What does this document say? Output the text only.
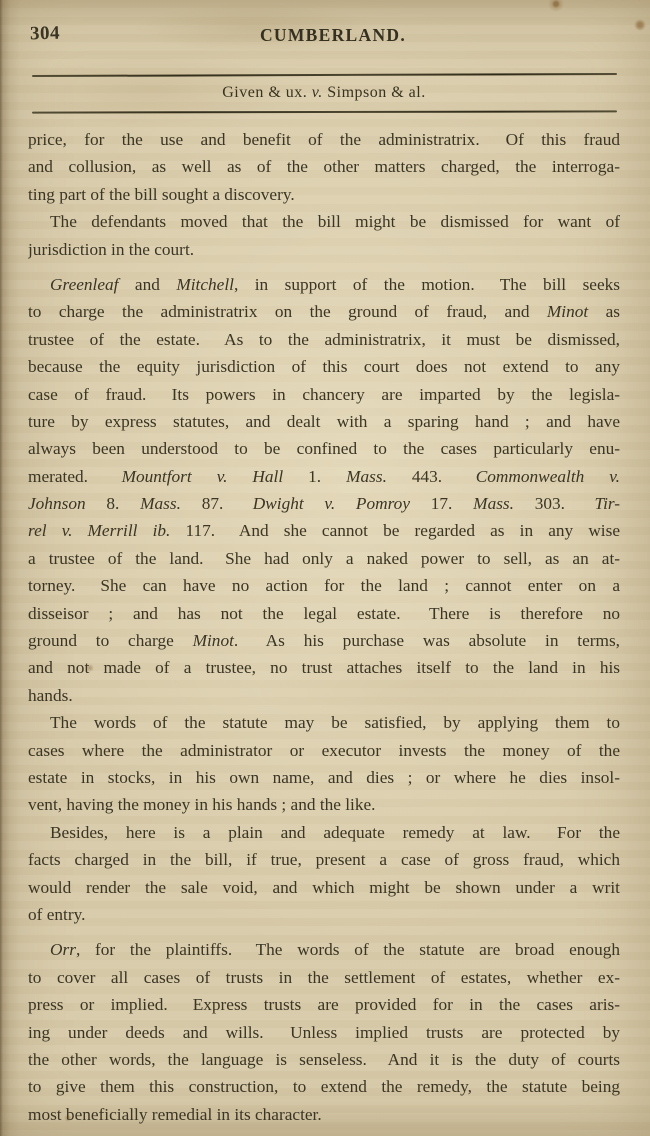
304	CUMBERLAND.
Given & ux. v. Simpson & al.
price, for the use and benefit of the administratrix.  Of this fraud
and collusion, as well as of the other matters charged, the interroga-
ting part of the bill sought a discovery.
The defendants moved that the bill might be dismissed for want of
jurisdiction in the court.
Greenleaf and Mitchell, in support of the motion.  The bill seeks
to charge the administratrix on the ground of fraud, and Minot as
trustee of the estate.  As to the administratrix, it must be dismissed,
because the equity jurisdiction of this court does not extend to any
case of fraud.  Its powers in chancery are imparted by the legisla-
ture by express statutes, and dealt with a sparing hand ; and have
always been understood to be confined to the cases particularly enu-
merated.  Mountfort v. Hall 1. Mass. 443.  Commonwealth v.
Johnson 8. Mass. 87.  Dwight v. Pomroy 17. Mass. 303.  Tir-
rel v. Merrill ib. 117.  And she cannot be regarded as in any wise
a trustee of the land.  She had only a naked power to sell, as an at-
torney.  She can have no action for the land ; cannot enter on a
disseisor ; and has not the legal estate.  There is therefore no
ground to charge Minot.  As his purchase was absolute in terms,
and not made of a trustee, no trust attaches itself to the land in his
hands.
The words of the statute may be satisfied, by applying them to
cases where the administrator or executor invests the money of the
estate in stocks, in his own name, and dies ; or where he dies insol-
vent, having the money in his hands ; and the like.
Besides, here is a plain and adequate remedy at law.  For the
facts charged in the bill, if true, present a case of gross fraud, which
would render the sale void, and which might be shown under a writ
of entry.
Orr, for the plaintiffs.  The words of the statute are broad enough
to cover all cases of trusts in the settlement of estates, whether ex-
press or implied.  Express trusts are provided for in the cases aris-
ing under deeds and wills.  Unless implied trusts are protected by
the other words, the language is senseless.  And it is the duty of courts
to give them this construction, to extend the remedy, the statute being
most beneficially remedial in its character.
